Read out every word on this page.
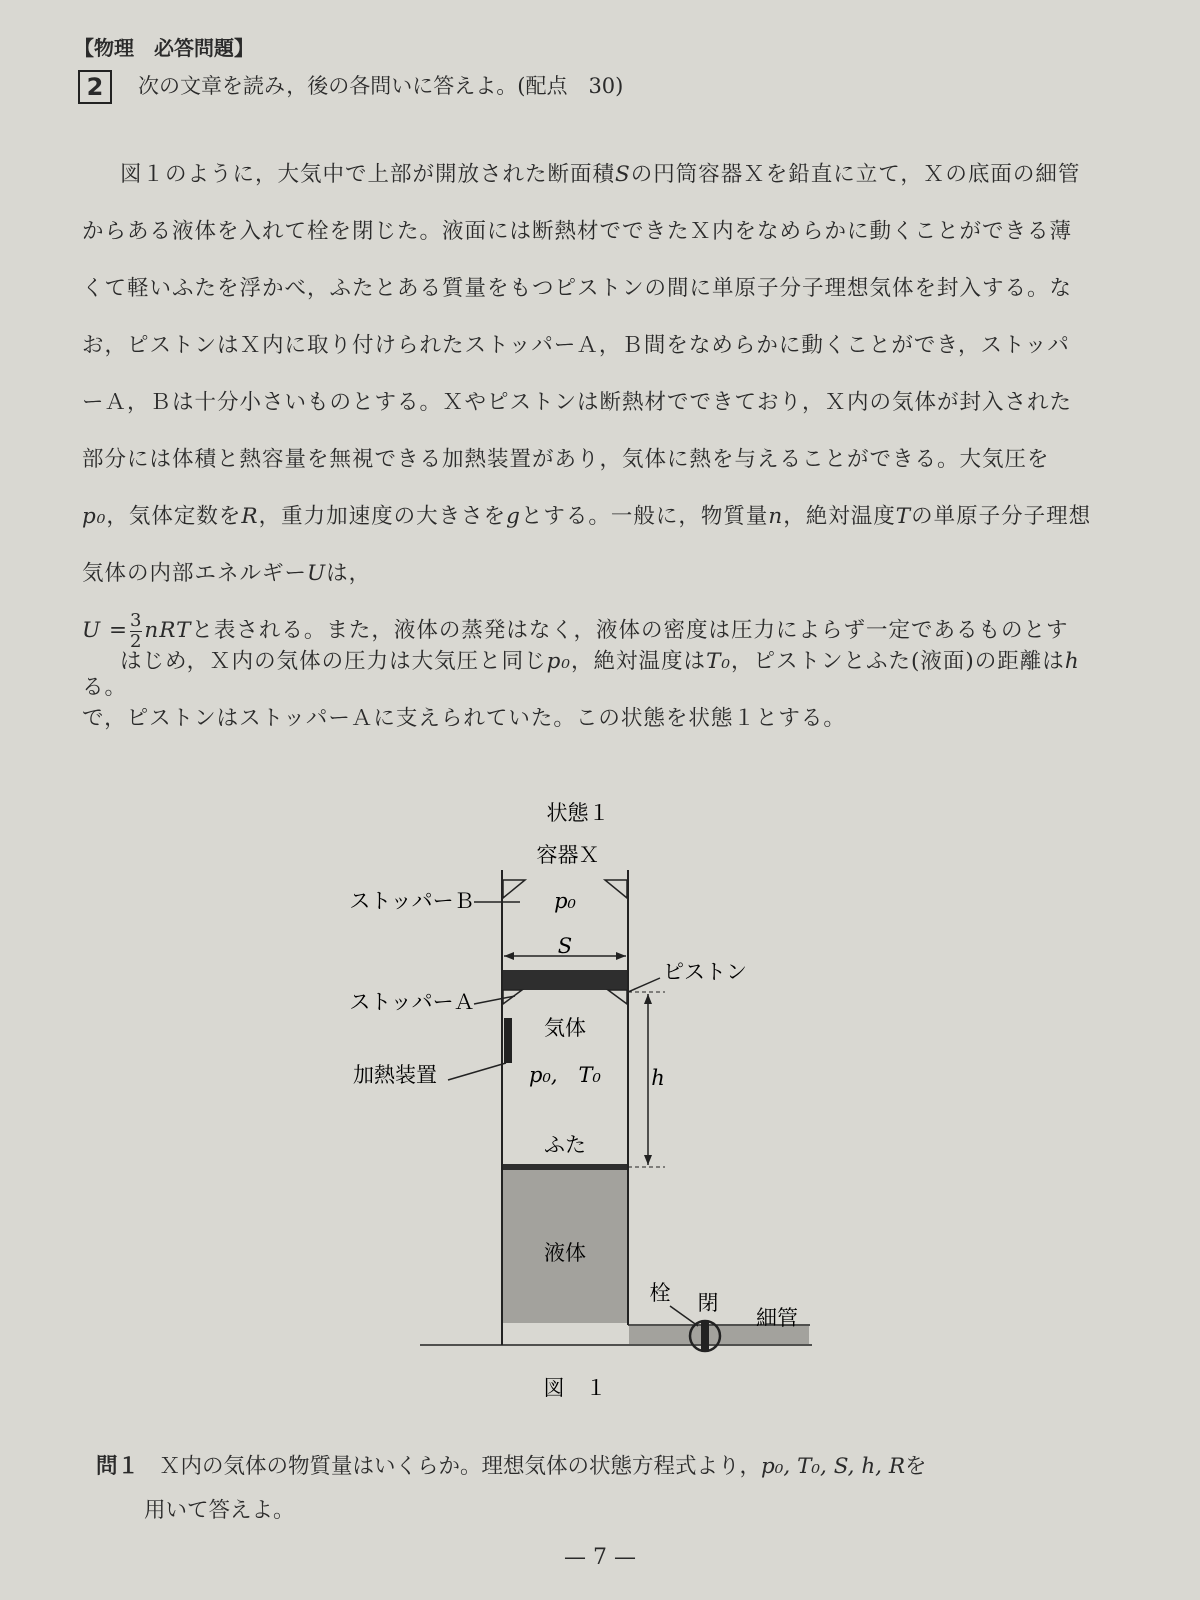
【物理　必答問題】
2	次の文章を読み，後の各問いに答えよ。(配点　30)
図１のように，大気中で上部が開放された断面積Sの円筒容器Ｘを鉛直に立て，Ｘの底面の細管からある液体を入れて栓を閉じた。液面には断熱材でできたＸ内をなめらかに動くことができる薄くて軽いふたを浮かべ，ふたとある質量をもつピストンの間に単原子分子理想気体を封入する。なお，ピストンはＸ内に取り付けられたストッパーＡ，Ｂ間をなめらかに動くことができ，ストッパーＡ，Ｂは十分小さいものとする。Ｘやピストンは断熱材でできており，Ｘ内の気体が封入された部分には体積と熱容量を無視できる加熱装置があり，気体に熱を与えることができる。大気圧をp₀，気体定数をR，重力加速度の大きさをgとする。一般に，物質量n，絶対温度Tの単原子分子理想気体の内部エネルギーUは，
$U = \frac{3}{2}$ nRTと表される。また，液体の蒸発はなく，液体の密度は圧力によらず一定であるものとする。
はじめ，Ｘ内の気体の圧力は大気圧と同じp₀，絶対温度はT₀，ピストンとふた(液面)の距離はhで，ピストンはストッパーＡに支えられていた。この状態を状態１とする。
状態１
容器Ｘ
ストッパーＢ	p₀
S
ピストン
ストッパーＡ
気体
加熱装置	p₀,　T₀ h
ふた
液体
栓 閉
細管
図　１
問１ Ｘ内の気体の物質量はいくらか。理想気体の状態方程式より，p₀, T₀, S, h, Rを
用いて答えよ。
— 7 —
